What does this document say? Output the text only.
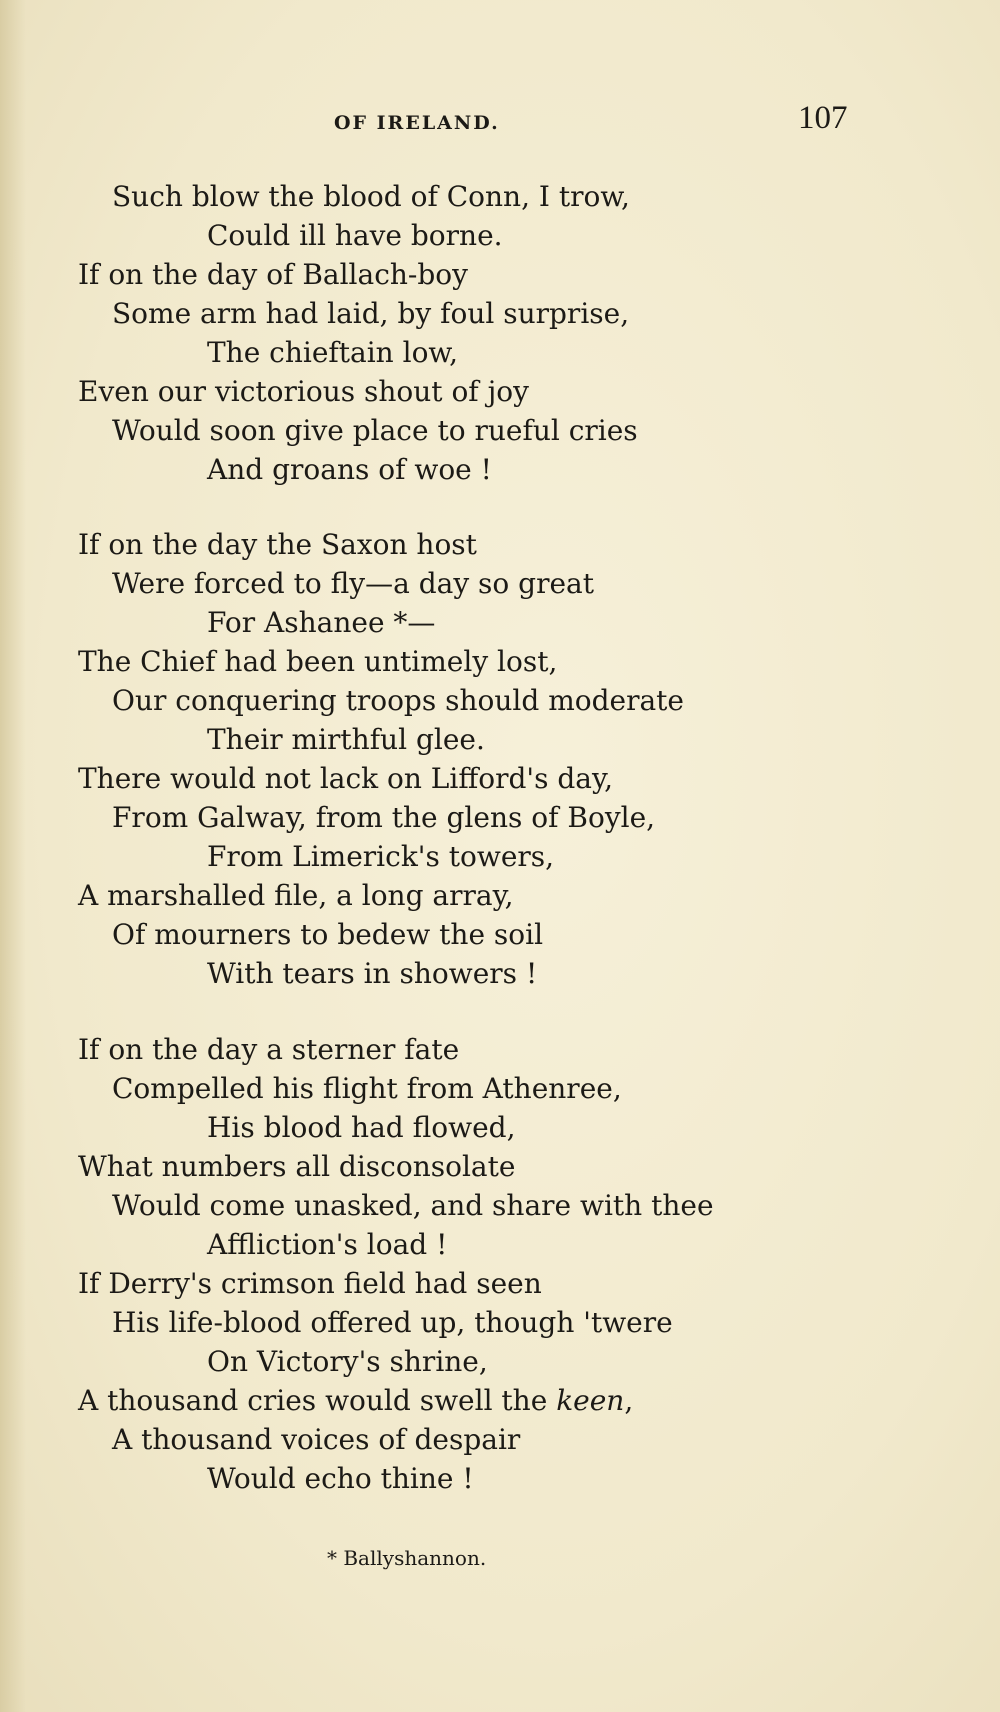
OF IRELAND.	107
Such blow the blood of Conn, I trow,
Could ill have borne.
If on the day of Ballach-boy
Some arm had laid, by foul surprise,
The chieftain low,
Even our victorious shout of joy
Would soon give place to rueful cries
And groans of woe !
If on the day the Saxon host
Were forced to fly—a day so great
For Ashanee *—
The Chief had been untimely lost,
Our conquering troops should moderate
Their mirthful glee.
There would not lack on Lifford's day,
From Galway, from the glens of Boyle,
From Limerick's towers,
A marshalled file, a long array,
Of mourners to bedew the soil
With tears in showers !
If on the day a sterner fate
Compelled his flight from Athenree,
His blood had flowed,
What numbers all disconsolate
Would come unasked, and share with thee
Affliction's load !
If Derry's crimson field had seen
His life-blood offered up, though 'twere
On Victory's shrine,
A thousand cries would swell the keen,
A thousand voices of despair
Would echo thine !
* Ballyshannon.
